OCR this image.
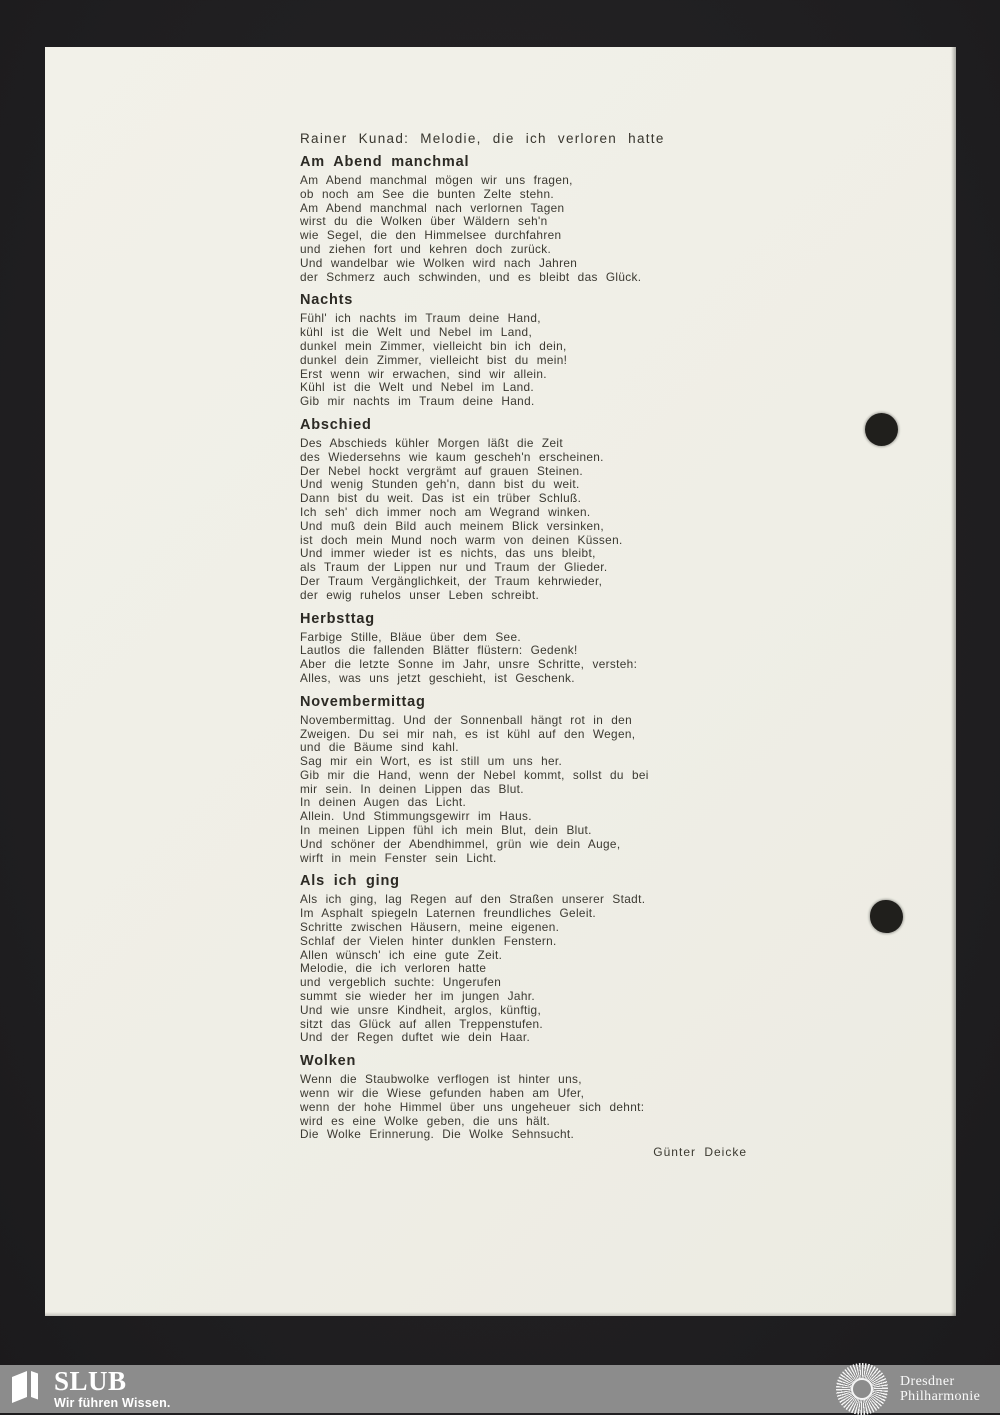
Rainer Kunad: Melodie, die ich verloren hatte
Am Abend manchmal
Am Abend manchmal mögen wir uns fragen,
ob noch am See die bunten Zelte stehn.
Am Abend manchmal nach verlornen Tagen
wirst du die Wolken über Wäldern seh'n
wie Segel, die den Himmelsee durchfahren
und ziehen fort und kehren doch zurück.
Und wandelbar wie Wolken wird nach Jahren
der Schmerz auch schwinden, und es bleibt das Glück.
Nachts
Fühl' ich nachts im Traum deine Hand,
kühl ist die Welt und Nebel im Land,
dunkel mein Zimmer, vielleicht bin ich dein,
dunkel dein Zimmer, vielleicht bist du mein!
Erst wenn wir erwachen, sind wir allein.
Kühl ist die Welt und Nebel im Land.
Gib mir nachts im Traum deine Hand.
Abschied
Des Abschieds kühler Morgen läßt die Zeit
des Wiedersehns wie kaum gescheh'n erscheinen.
Der Nebel hockt vergrämt auf grauen Steinen.
Und wenig Stunden geh'n, dann bist du weit.
Dann bist du weit. Das ist ein trüber Schluß.
Ich seh' dich immer noch am Wegrand winken.
Und muß dein Bild auch meinem Blick versinken,
ist doch mein Mund noch warm von deinen Küssen.
Und immer wieder ist es nichts, das uns bleibt,
als Traum der Lippen nur und Traum der Glieder.
Der Traum Vergänglichkeit, der Traum kehrwieder,
der ewig ruhelos unser Leben schreibt.
Herbsttag
Farbige Stille, Bläue über dem See.
Lautlos die fallenden Blätter flüstern: Gedenk!
Aber die letzte Sonne im Jahr, unsre Schritte, versteh:
Alles, was uns jetzt geschieht, ist Geschenk.
Novembermittag
Novembermittag. Und der Sonnenball hängt rot in den
Zweigen. Du sei mir nah, es ist kühl auf den Wegen,
und die Bäume sind kahl.
Sag mir ein Wort, es ist still um uns her.
Gib mir die Hand, wenn der Nebel kommt, sollst du bei
mir sein. In deinen Lippen das Blut.
In deinen Augen das Licht.
Allein. Und Stimmungsgewirr im Haus.
In meinen Lippen fühl ich mein Blut, dein Blut.
Und schöner der Abendhimmel, grün wie dein Auge,
wirft in mein Fenster sein Licht.
Als ich ging
Als ich ging, lag Regen auf den Straßen unserer Stadt.
Im Asphalt spiegeln Laternen freundliches Geleit.
Schritte zwischen Häusern, meine eigenen.
Schlaf der Vielen hinter dunklen Fenstern.
Allen wünsch' ich eine gute Zeit.
Melodie, die ich verloren hatte
und vergeblich suchte: Ungerufen
summt sie wieder her im jungen Jahr.
Und wie unsre Kindheit, arglos, künftig,
sitzt das Glück auf allen Treppenstufen.
Und der Regen duftet wie dein Haar.
Wolken
Wenn die Staubwolke verflogen ist hinter uns,
wenn wir die Wiese gefunden haben am Ufer,
wenn der hohe Himmel über uns ungeheuer sich dehnt:
wird es eine Wolke geben, die uns hält.
Die Wolke Erinnerung. Die Wolke Sehnsucht.
Günter Deicke
SLUB
Wir führen Wissen.
Dresdner
Philharmonie
